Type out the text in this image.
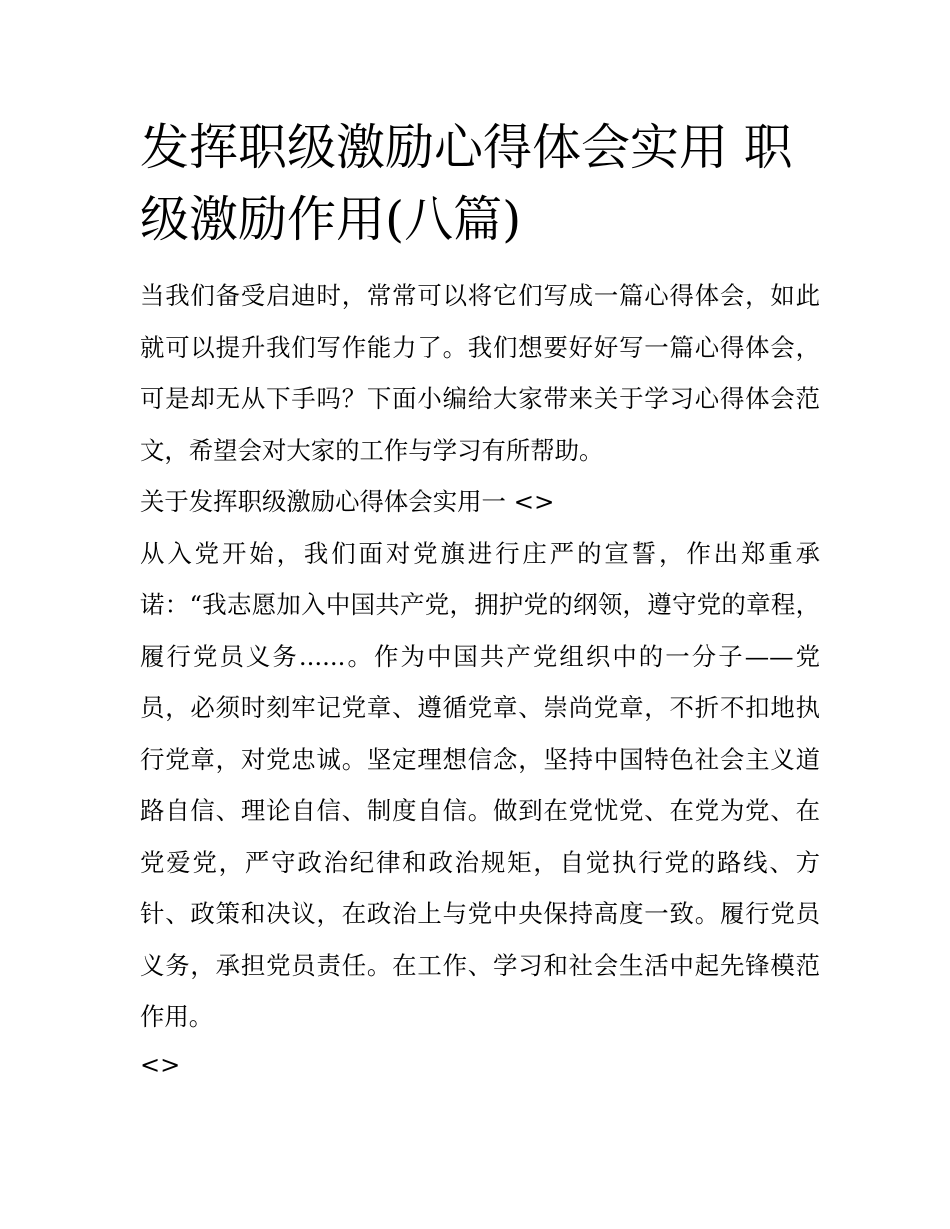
发挥职级激励心得体会实用 职级激励作用(八篇)

当我们备受启迪时，常常可以将它们写成一篇心得体会，如此就可以提升我们写作能力了。我们想要好好写一篇心得体会，可是却无从下手吗？下面小编给大家带来关于学习心得体会范文，希望会对大家的工作与学习有所帮助。

关于发挥职级激励心得体会实用一 <>

从入党开始，我们面对党旗进行庄严的宣誓，作出郑重承诺：“我志愿加入中国共产党，拥护党的纲领，遵守党的章程，履行党员义务......。作为中国共产党组织中的一分子——党员，必须时刻牢记党章、遵循党章、崇尚党章，不折不扣地执行党章，对党忠诚。坚定理想信念，坚持中国特色社会主义道路自信、理论自信、制度自信。做到在党忧党、在党为党、在党爱党，严守政治纪律和政治规矩，自觉执行党的路线、方针、政策和决议，在政治上与党中央保持高度一致。履行党员义务，承担党员责任。在工作、学习和社会生活中起先锋模范作用。

<>
